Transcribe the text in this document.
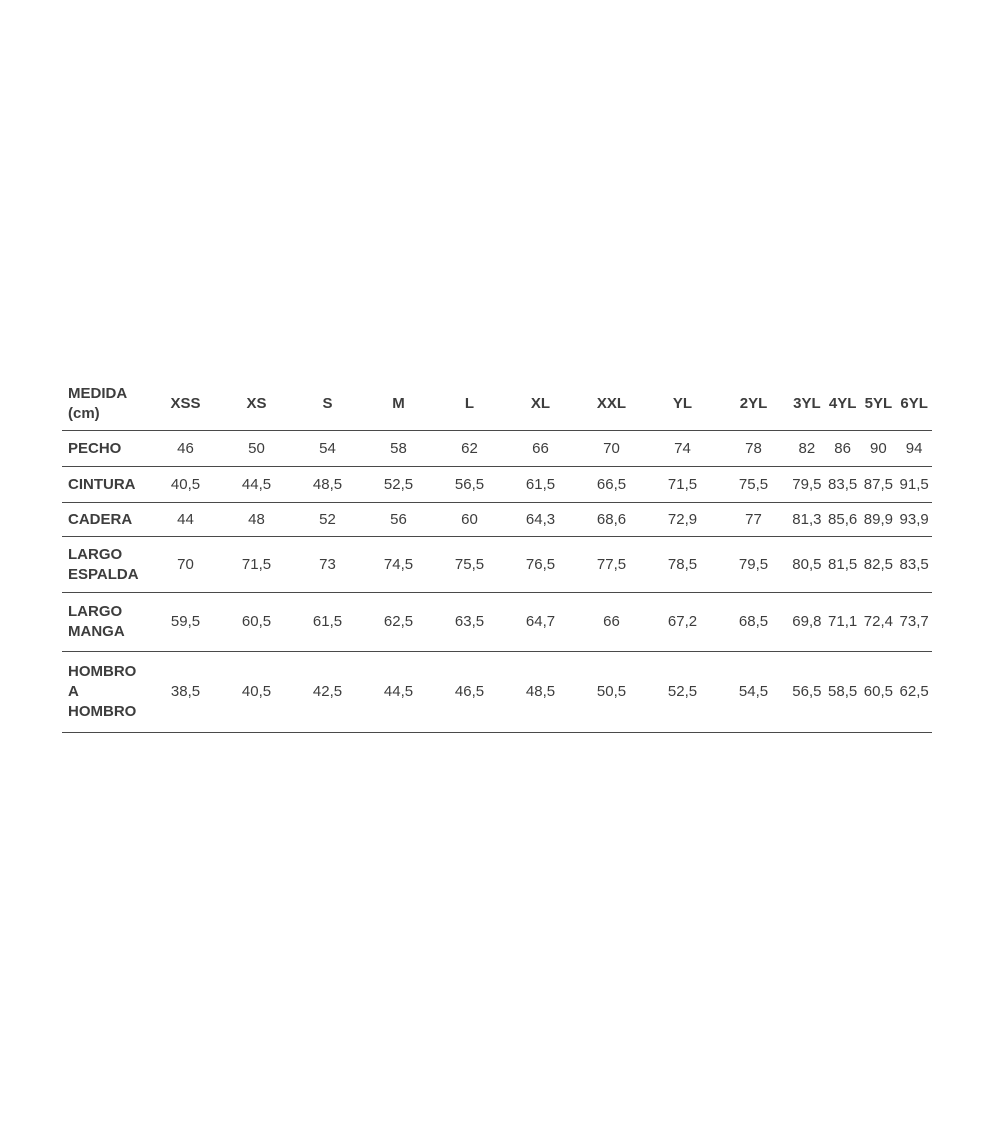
MEDIDA (cm)	XSS	XS	S	M	L	XL	XXL	YL	2YL	3YL	4YL	5YL	6YL
PECHO	46	50	54	58	62	66	70	74	78	82	86	90	94
CINTURA	40,5	44,5	48,5	52,5	56,5	61,5	66,5	71,5	75,5	79,5	83,5	87,5	91,5
CADERA	44	48	52	56	60	64,3	68,6	72,9	77	81,3	85,6	89,9	93,9
LARGO ESPALDA	70	71,5	73	74,5	75,5	76,5	77,5	78,5	79,5	80,5	81,5	82,5	83,5
LARGO MANGA	59,5	60,5	61,5	62,5	63,5	64,7	66	67,2	68,5	69,8	71,1	72,4	73,7
HOMBRO A HOMBRO	38,5	40,5	42,5	44,5	46,5	48,5	50,5	52,5	54,5	56,5	58,5	60,5	62,5
